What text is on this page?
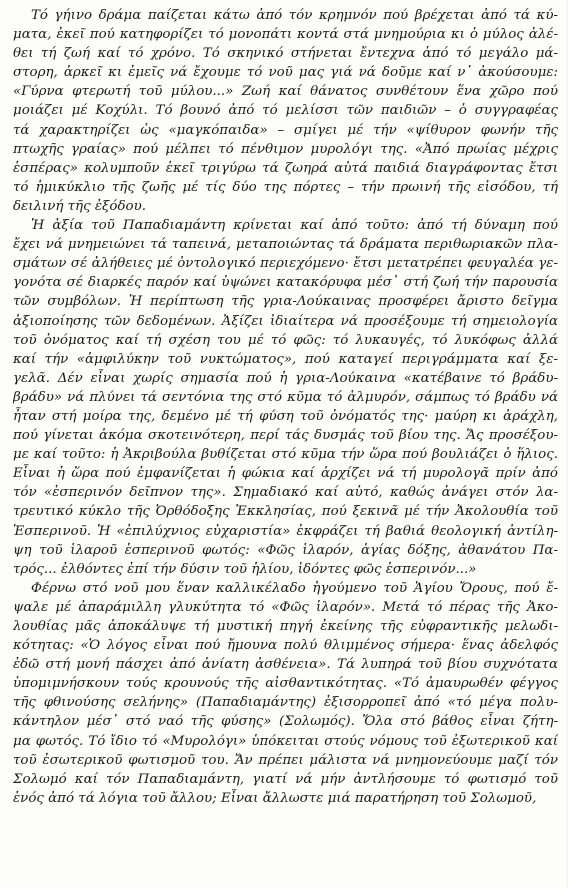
Τό γήινο δράμα παίζεται κάτω ἀπό τόν κρημνόν πού βρέχεται ἀπό τά κύ-
ματα, ἐκεῖ πού κατηφορίζει τό μονοπάτι κοντά στά μνημούρια κι ὁ μύλος ἀλέ-
θει τή ζωή καί τό χρόνο. Τό σκηνικό στήνεται ἔντεχνα ἀπό τό μεγάλο μά-
στορη, ἀρκεῖ κι ἐμεῖς νά ἔχουμε τό νοῦ μας γιά νά δοῦμε καί ν᾽ ἀκούσουμε:
«Γύρνα φτερωτή τοῦ μύλου...» Ζωή καί θάνατος συνθέτουν ἕνα χῶρο πού
μοιάζει μέ Κοχύλι. Τό βουνό ἀπό τό μελίσσι τῶν παιδιῶν – ὁ συγγραφέας
τά χαρακτηρίζει ὡς «μαγκόπαιδα» – σμίγει μέ τήν «ψίθυρον φωνήν τῆς
πτωχῆς γραίας» πού μέλπει τό πένθιμον μυρολόγι της. «Ἀπό πρωίας μέχρις
ἑσπέρας» κολυμποῦν ἐκεῖ τριγύρω τά ζωηρά αὐτά παιδιά διαγράφοντας ἔτσι
τό ἡμικύκλιο τῆς ζωῆς μέ τίς δύο της πόρτες – τήν πρωινή τῆς εἰσόδου, τή
δειλινή τῆς ἐξόδου.
Ἡ ἀξία τοῦ Παπαδιαμάντη κρίνεται καί ἀπό τοῦτο: ἀπό τή δύναμη πού
ἔχει νά μνημειώνει τά ταπεινά, μεταποιώντας τά δράματα περιθωριακῶν πλα-
σμάτων σέ ἀλήθειες μέ ὀντολογικό περιεχόμενο· ἔτσι μετατρέπει φευγαλέα γε-
γονότα σέ διαρκές παρόν καί ὑψώνει κατακόρυφα μέσ᾽ στή ζωή τήν παρουσία
τῶν συμβόλων. Ἡ περίπτωση τῆς γρια-Λούκαινας προσφέρει ἄριστο δεῖγμα
ἀξιοποίησης τῶν δεδομένων. Ἀξίζει ἰδιαίτερα νά προσέξουμε τή σημειολογία
τοῦ ὀνόματος καί τή σχέση του μέ τό φῶς: τό λυκαυγές, τό λυκόφως ἀλλά
καί τήν «ἀμφιλύκην τοῦ νυκτώματος», πού καταγεί περιγράμματα καί ξε-
γελᾶ. Δέν εἶναι χωρίς σημασία πού ἡ γρια-Λούκαινα «κατέβαινε τό βράδυ-
βράδυ» νά πλύνει τά σεντόνια της στό κῦμα τό ἁλμυρόν, σάμπως τό βράδυ νά
ἦταν στή μοίρα της, δεμένο μέ τή φύση τοῦ ὀνόματός της· μαύρη κι ἀράχλη,
πού γίνεται ἀκόμα σκοτεινότερη, περί τάς δυσμάς τοῦ βίου της. Ἄς προσέξου-
με καί τοῦτο: ἡ Ἀκριβούλα βυθίζεται στό κῦμα τήν ὥρα πού βουλιάζει ὁ ἥλιος.
Εἶναι ἡ ὥρα πού ἐμφανίζεται ἡ φώκια καί ἀρχίζει νά τή μυρολογᾶ πρίν ἀπό
τόν «ἑσπερινόν δεῖπνον της». Σημαδιακό καί αὐτό, καθώς ἀνάγει στόν λα-
τρευτικό κύκλο τῆς Ὀρθόδοξης Ἐκκλησίας, πού ξεκινᾶ μέ τήν Ἀκολουθία τοῦ
Ἑσπερινοῦ. Ἡ «ἐπιλύχνιος εὐχαριστία» ἐκφράζει τή βαθιά θεολογική ἀντίλη-
ψη τοῦ ἱλαροῦ ἑσπερινοῦ φωτός: «Φῶς ἱλαρόν, ἁγίας δόξης, ἀθανάτου Πα-
τρός... ἐλθόντες ἐπί τήν δύσιν τοῦ ἡλίου, ἰδόντες φῶς ἑσπερινόν...»
Φέρνω στό νοῦ μου ἕναν καλλικέλαδο ἡγούμενο τοῦ Ἁγίου Ὄρους, πού ἔ-
ψαλε μέ ἀπαράμιλλη γλυκύτητα τό «Φῶς ἱλαρόν». Μετά τό πέρας τῆς Ἀκο-
λουθίας μᾶς ἀποκάλυψε τή μυστική πηγή ἐκείνης τῆς εὐφραντικῆς μελωδι-
κότητας: «Ὁ λόγος εἶναι πού ἤμουνα πολύ θλιμμένος σήμερα· ἕνας ἀδελφός
ἐδῶ στή μονή πάσχει ἀπό ἀνίατη ἀσθένεια». Τά λυπηρά τοῦ βίου συχνότατα
ὑπομιμνήσκουν τούς κρουνούς τῆς αἰσθαντικότητας. «Τό ἀμαυρωθέν φέγγος
τῆς φθινούσης σελήνης» (Παπαδιαμάντης) ἐξισορροπεῖ ἀπό «τό μέγα πολυ-
κάντηλον μέσ᾽ στό ναό τῆς φύσης» (Σολωμός). Ὅλα στό βάθος εἶναι ζήτη-
μα φωτός. Τό ἴδιο τό «Μυρολόγι» ὑπόκειται στούς νόμους τοῦ ἐξωτερικοῦ καί
τοῦ ἐσωτερικοῦ φωτισμοῦ του. Ἄν πρέπει μάλιστα νά μνημονεύουμε μαζί τόν
Σολωμό καί τόν Παπαδιαμάντη, γιατί νά μήν ἀντλήσουμε τό φωτισμό τοῦ
ἑνός ἀπό τά λόγια τοῦ ἄλλου; Εἶναι ἄλλωστε μιά παρατήρηση τοῦ Σολωμοῦ,
